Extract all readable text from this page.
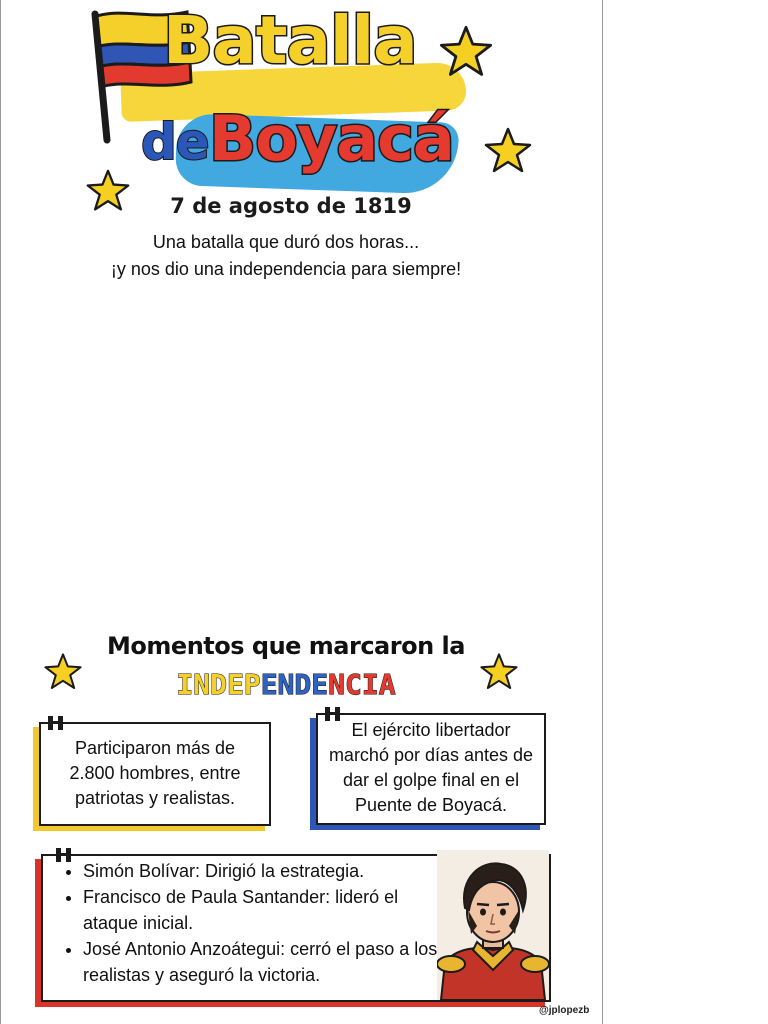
Batalla
de Boyacá
7 de agosto de 1819
Una batalla que duró dos horas...
¡y nos dio una independencia para siempre!
Momentos que marcaron la
INDEPENDENCIA
Participaron más de
2.800 hombres, entre
patriotas y realistas.
El ejército libertador
marchó por días antes de
dar el golpe final en el
Puente de Boyacá.
• Simón Bolívar: Dirigió la estrategia.
• Francisco de Paula Santander: lideró el ataque inicial.
• José Antonio Anzoátegui: cerró el paso a los realistas y aseguró la victoria.
@jplopezb
